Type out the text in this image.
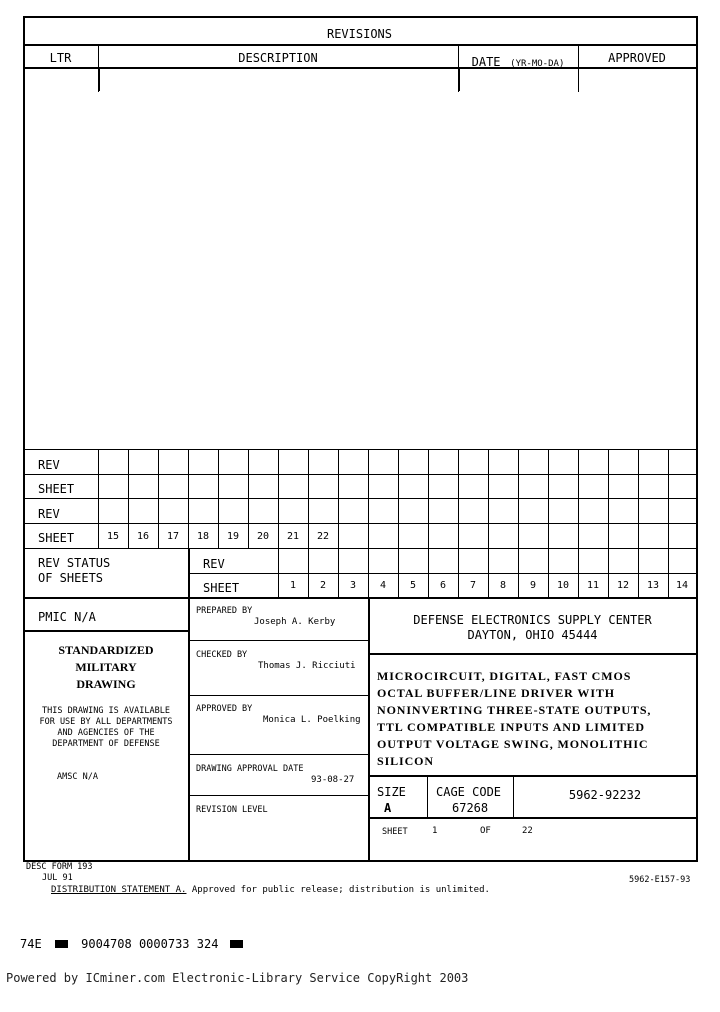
REVISIONS
LTR	DESCRIPTION	DATE (YR-MO-DA)	APPROVED
REV
SHEET
REV
SHEET	15	16	17	18	19	20	21	22
REV STATUS
OF SHEETS
REV
SHEET	1	2	3	4	5	6	7	8	9	10	11	12	13	14
PMIC N/A
STANDARDIZED
MILITARY
DRAWING
THIS DRAWING IS AVAILABLE
FOR USE BY ALL DEPARTMENTS
AND AGENCIES OF THE
DEPARTMENT OF DEFENSE
AMSC N/A
PREPARED BY
Joseph A. Kerby
CHECKED BY
Thomas J. Ricciuti
APPROVED BY
Monica L. Poelking
DRAWING APPROVAL DATE
93-08-27
REVISION LEVEL
DEFENSE ELECTRONICS SUPPLY CENTER
DAYTON, OHIO 45444
MICROCIRCUIT, DIGITAL, FAST CMOS
OCTAL BUFFER/LINE DRIVER WITH
NONINVERTING THREE-STATE OUTPUTS,
TTL COMPATIBLE INPUTS AND LIMITED
OUTPUT VOLTAGE SWING, MONOLITHIC
SILICON
SIZE
A
CAGE CODE
67268
5962-92232
SHEET	1	OF	22
DESC FORM 193
JUL 91
DISTRIBUTION STATEMENT A. Approved for public release; distribution is unlimited.
5962-E157-93
74E	9004708 0000733 324
Powered by ICminer.com Electronic-Library Service CopyRight 2003
